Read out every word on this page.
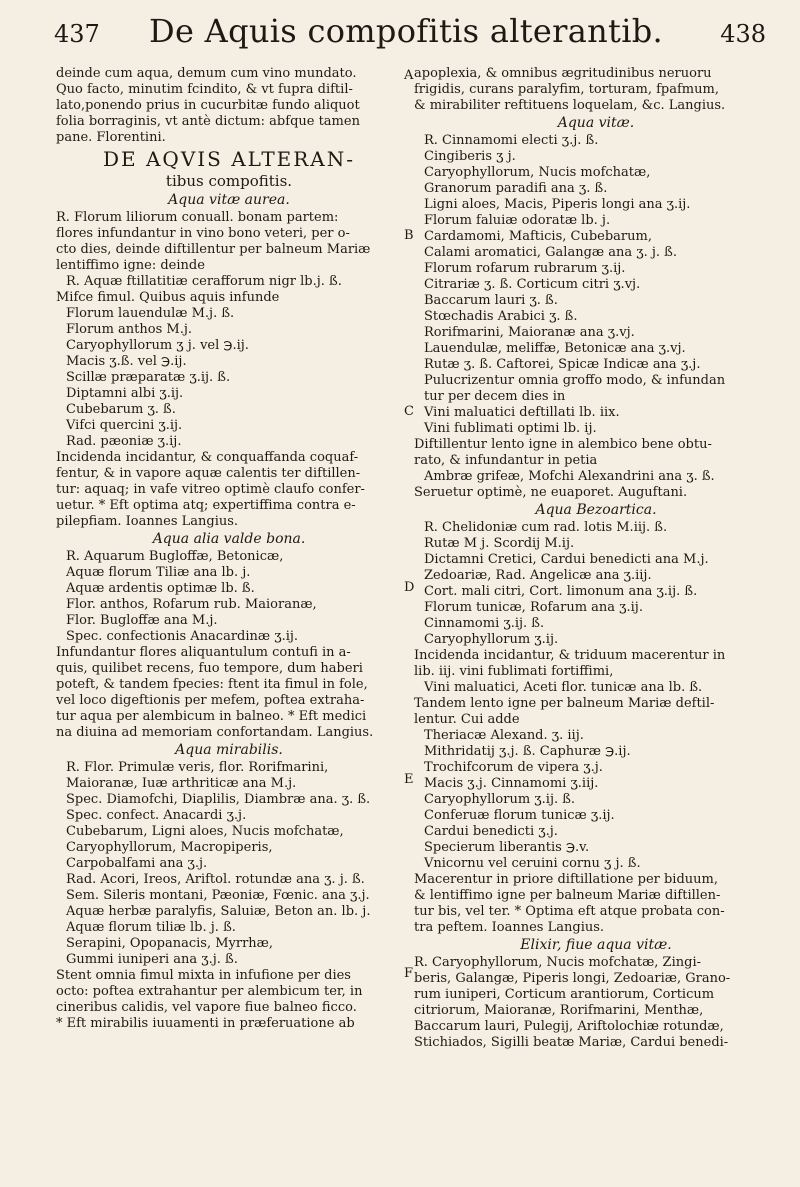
437	De Aquis compofitis alterantib.	438
A
B
C
D
E
F
deinde cum aqua, demum cum vino mundato.
Quo facto, minutim fcindito, & vt fupra diftil-
lato,ponendo prius in cucurbitæ fundo aliquot
folia borraginis, vt antè dictum: abfque tamen
pane. Florentini.
DE AQVIS ALTERAN-
tibus compofitis.
Aqua vitæ aurea.
R. Florum liliorum conuall. bonam partem:
flores infundantur in vino bono veteri, per o-
cto dies, deinde diftillentur per balneum Mariæ
lentiffimo igne: deinde
R. Aquæ ftillatitiæ cerafforum nigr lb.j. ß.
Mifce fimul. Quibus aquis infunde
Florum lauendulæ M.j. ß.
Florum anthos M.j.
Caryophyllorum ʒ j. vel ℈.ij.
Macis ʒ.ß. vel ℈.ij.
Scillæ præparatæ ʒ.ij. ß.
Diptamni albi ʒ.ij.
Cubebarum ʒ. ß.
Vifci quercini ʒ.ij.
Rad. pæoniæ ʒ.ij.
Incidenda incidantur, & conquaffanda coquaf-
fentur, & in vapore aquæ calentis ter diftillen-
tur: aquaq; in vafe vitreo optimè claufo confer-
uetur. * Eft optima atq; expertiffima contra e-
pilepfiam. Ioannes Langius.
Aqua alia valde bona.
R. Aquarum Bugloffæ, Betonicæ,
Aquæ florum Tiliæ ana lb. j.
Aquæ ardentis optimæ lb. ß.
Flor. anthos, Rofarum rub. Maioranæ,
Flor. Bugloffæ ana M.j.
Spec. confectionis Anacardinæ ʒ.ij.
Infundantur flores aliquantulum contufi in a-
quis, quilibet recens, fuo tempore, dum haberi
poteft, & tandem fpecies: ftent ita fimul in fole,
vel loco digeftionis per mefem, poftea extraha-
tur aqua per alembicum in balneo. * Eft medici
na diuina ad memoriam confortandam. Langius.
Aqua mirabilis.
R. Flor. Primulæ veris, flor. Rorifmarini,
Maioranæ, Iuæ arthriticæ ana M.j.
Spec. Diamofchi, Diaplilis, Diambræ ana. ʒ. ß.
Spec. confect. Anacardi ʒ.j.
Cubebarum, Ligni aloes, Nucis mofchatæ,
Caryophyllorum, Macropiperis,
Carpobalfami ana ʒ.j.
Rad. Acori, Ireos, Ariftol. rotundæ ana ʒ. j. ß.
Sem. Sileris montani, Pæoniæ, Fœnic. ana ʒ.j.
Aquæ herbæ paralyfis, Saluiæ, Beton an. lb. j.
Aquæ florum tiliæ lb. j. ß.
Serapini, Opopanacis, Myrrhæ,
Gummi iuniperi ana ʒ.j. ß.
Stent omnia fimul mixta in infufione per dies
octo: poftea extrahantur per alembicum ter, in
cineribus calidis, vel vapore fiue balneo ficco.
* Eft mirabilis iuuamenti in præferuatione ab
apoplexia, & omnibus ægritudinibus neruoru
frigidis, curans paralyfim, torturam, fpafmum,
& mirabiliter reftituens loquelam, &c. Langius.
Aqua vitæ.
R. Cinnamomi electi ʒ.j. ß.
Cingiberis ʒ j.
Caryophyllorum, Nucis mofchatæ,
Granorum paradifi ana ʒ. ß.
Ligni aloes, Macis, Piperis longi ana ʒ.ij.
Florum faluiæ odoratæ lb. j.
Cardamomi, Mafticis, Cubebarum,
Calami aromatici, Galangæ ana ʒ. j. ß.
Florum rofarum rubrarum ʒ.ij.
Citrariæ ʒ. ß. Corticum citri ʒ.vj.
Baccarum lauri ʒ. ß.
Stœchadis Arabici ʒ. ß.
Rorifmarini, Maioranæ ana ʒ.vj.
Lauendulæ, meliffæ, Betonicæ ana ʒ.vj.
Rutæ ʒ. ß. Caftorei, Spicæ Indicæ ana ʒ.j.
Pulucrizentur omnia groffo modo, & infundan
tur per decem dies in
Vini maluatici deftillati lb. iix.
Vini fublimati optimi lb. ij.
Diftillentur lento igne in alembico bene obtu-
rato, & infundantur in petia
Ambræ grifeæ, Mofchi Alexandrini ana ʒ. ß.
Seruetur optimè, ne euaporet. Auguftani.
Aqua Bezoartica.
R. Chelidoniæ cum rad. lotis M.iij. ß.
Rutæ M j. Scordij M.ij.
Dictamni Cretici, Cardui benedicti ana M.j.
Zedoariæ, Rad. Angelicæ ana ʒ.iij.
Cort. mali citri, Cort. limonum ana ʒ.ij. ß.
Florum tunicæ, Rofarum ana ʒ.ij.
Cinnamomi ʒ.ij. ß.
Caryophyllorum ʒ.ij.
Incidenda incidantur, & triduum macerentur in
lib. iij. vini fublimati fortiffimi,
Vini maluatici, Aceti flor. tunicæ ana lb. ß.
Tandem lento igne per balneum Mariæ deftil-
lentur. Cui adde
Theriacæ Alexand. ʒ. iij.
Mithridatij ʒ.j. ß. Caphuræ ℈.ij.
Trochifcorum de vipera ʒ.j.
Macis ʒ.j. Cinnamomi ʒ.iij.
Caryophyllorum ʒ.ij. ß.
Conferuæ florum tunicæ ʒ.ij.
Cardui benedicti ʒ.j.
Specierum liberantis ℈.v.
Vnicornu vel ceruini cornu ʒ j. ß.
Macerentur in priore diftillatione per biduum,
& lentiffimo igne per balneum Mariæ diftillen-
tur bis, vel ter. * Optima eft atque probata con-
tra peftem. Ioannes Langius.
Elixir, fiue aqua vitæ.
R. Caryophyllorum, Nucis mofchatæ, Zingi-
beris, Galangæ, Piperis longi, Zedoariæ, Grano-
rum iuniperi, Corticum arantiorum, Corticum
citriorum, Maioranæ, Rorifmarini, Menthæ,
Baccarum lauri, Pulegij, Ariftolochiæ rotundæ,
Stichiados, Sigilli beatæ Mariæ, Cardui benedi-
